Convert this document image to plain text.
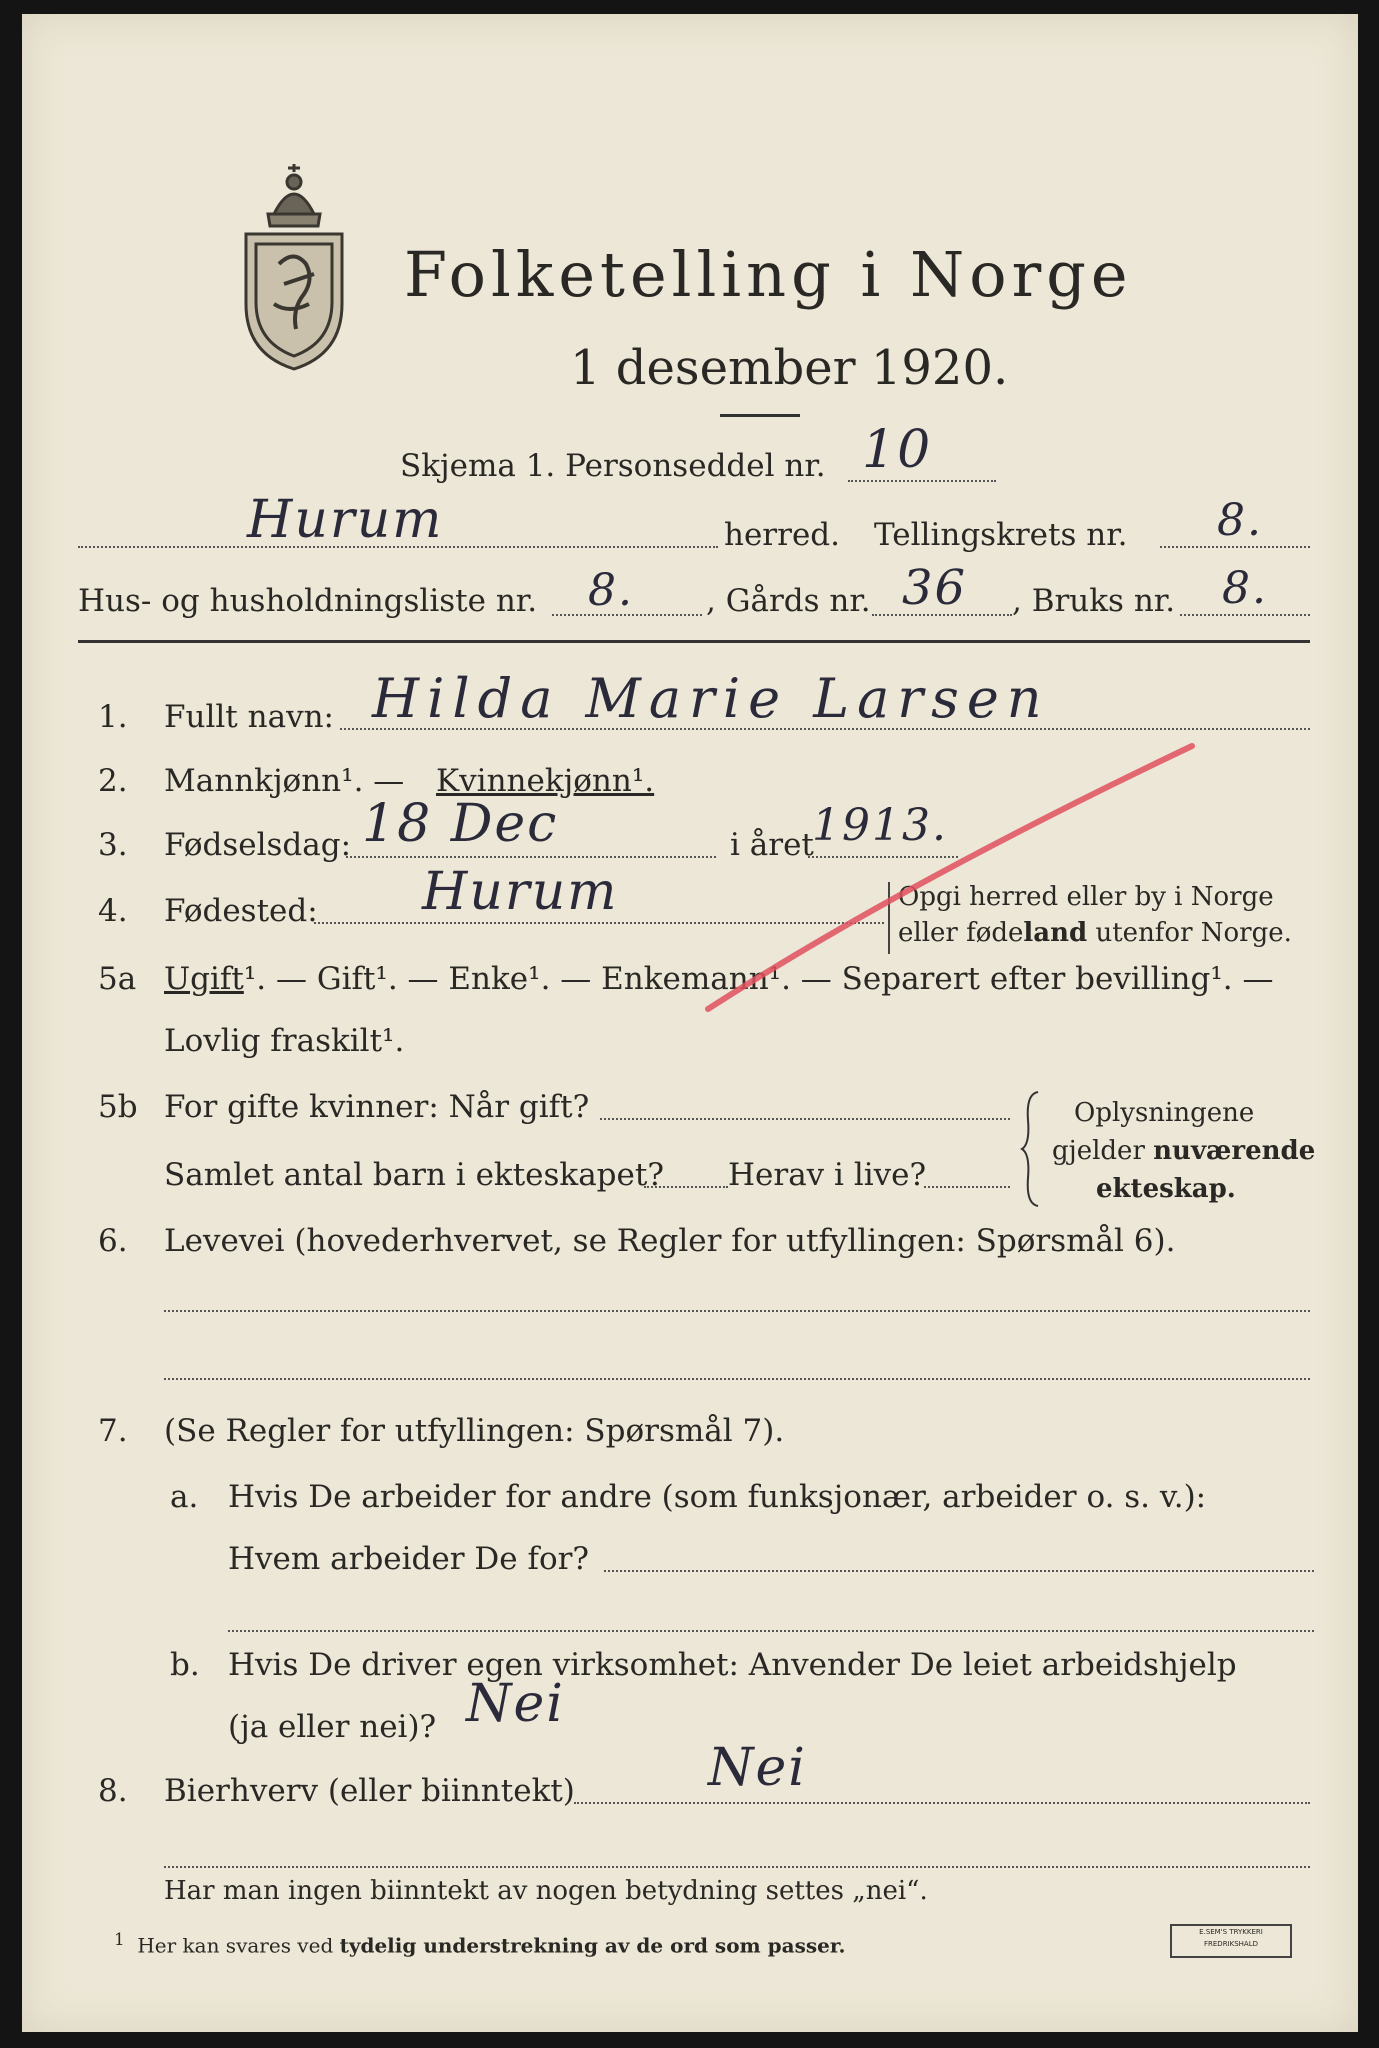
Folketelling i Norge
1 desember 1920.
Skjema 1. Personseddel nr. 10
Hurum	herred. Tellingskrets nr. 8.
Hus- og husholdningsliste nr. 8. , Gårds nr. 36 , Bruks nr. 8.
1. Fullt navn: Hilda Marie Larsen
2. Mannkjønn¹. — Kvinnekjønn¹.
3. Fødselsdag: 18 Dec	i året
1913.
4. Fødested: Hurum	Opgi herred eller by i Norge
eller fødeland utenfor Norge.
5a Ugift¹. — Gift¹. — Enke¹. — Enkemann¹. — Separert efter bevilling¹. —
Lovlig fraskilt¹.
5b For gifte kvinner: Når gift?
Samlet antal barn i ekteskapet? Herav i live?
Oplysningene
gjelder nuværende
ekteskap.
6. Levevei (hovederhvervet, se Regler for utfyllingen: Spørsmål 6).
7. (Se Regler for utfyllingen: Spørsmål 7).
a. Hvis De arbeider for andre (som funksjonær, arbeider o. s. v.):
Hvem arbeider De for?
b. Hvis De driver egen virksomhet: Anvender De leiet arbeidshjelp
(ja eller nei)? Nei
8. Bierhverv (eller biinntekt)	Nei
Har man ingen biinntekt av nogen betydning settes „nei“.
$^1$ Her kan svares ved tydelig understrekning av de ord som passer.
E.SEM'S TRYKKERI
FREDRIKSHALD
